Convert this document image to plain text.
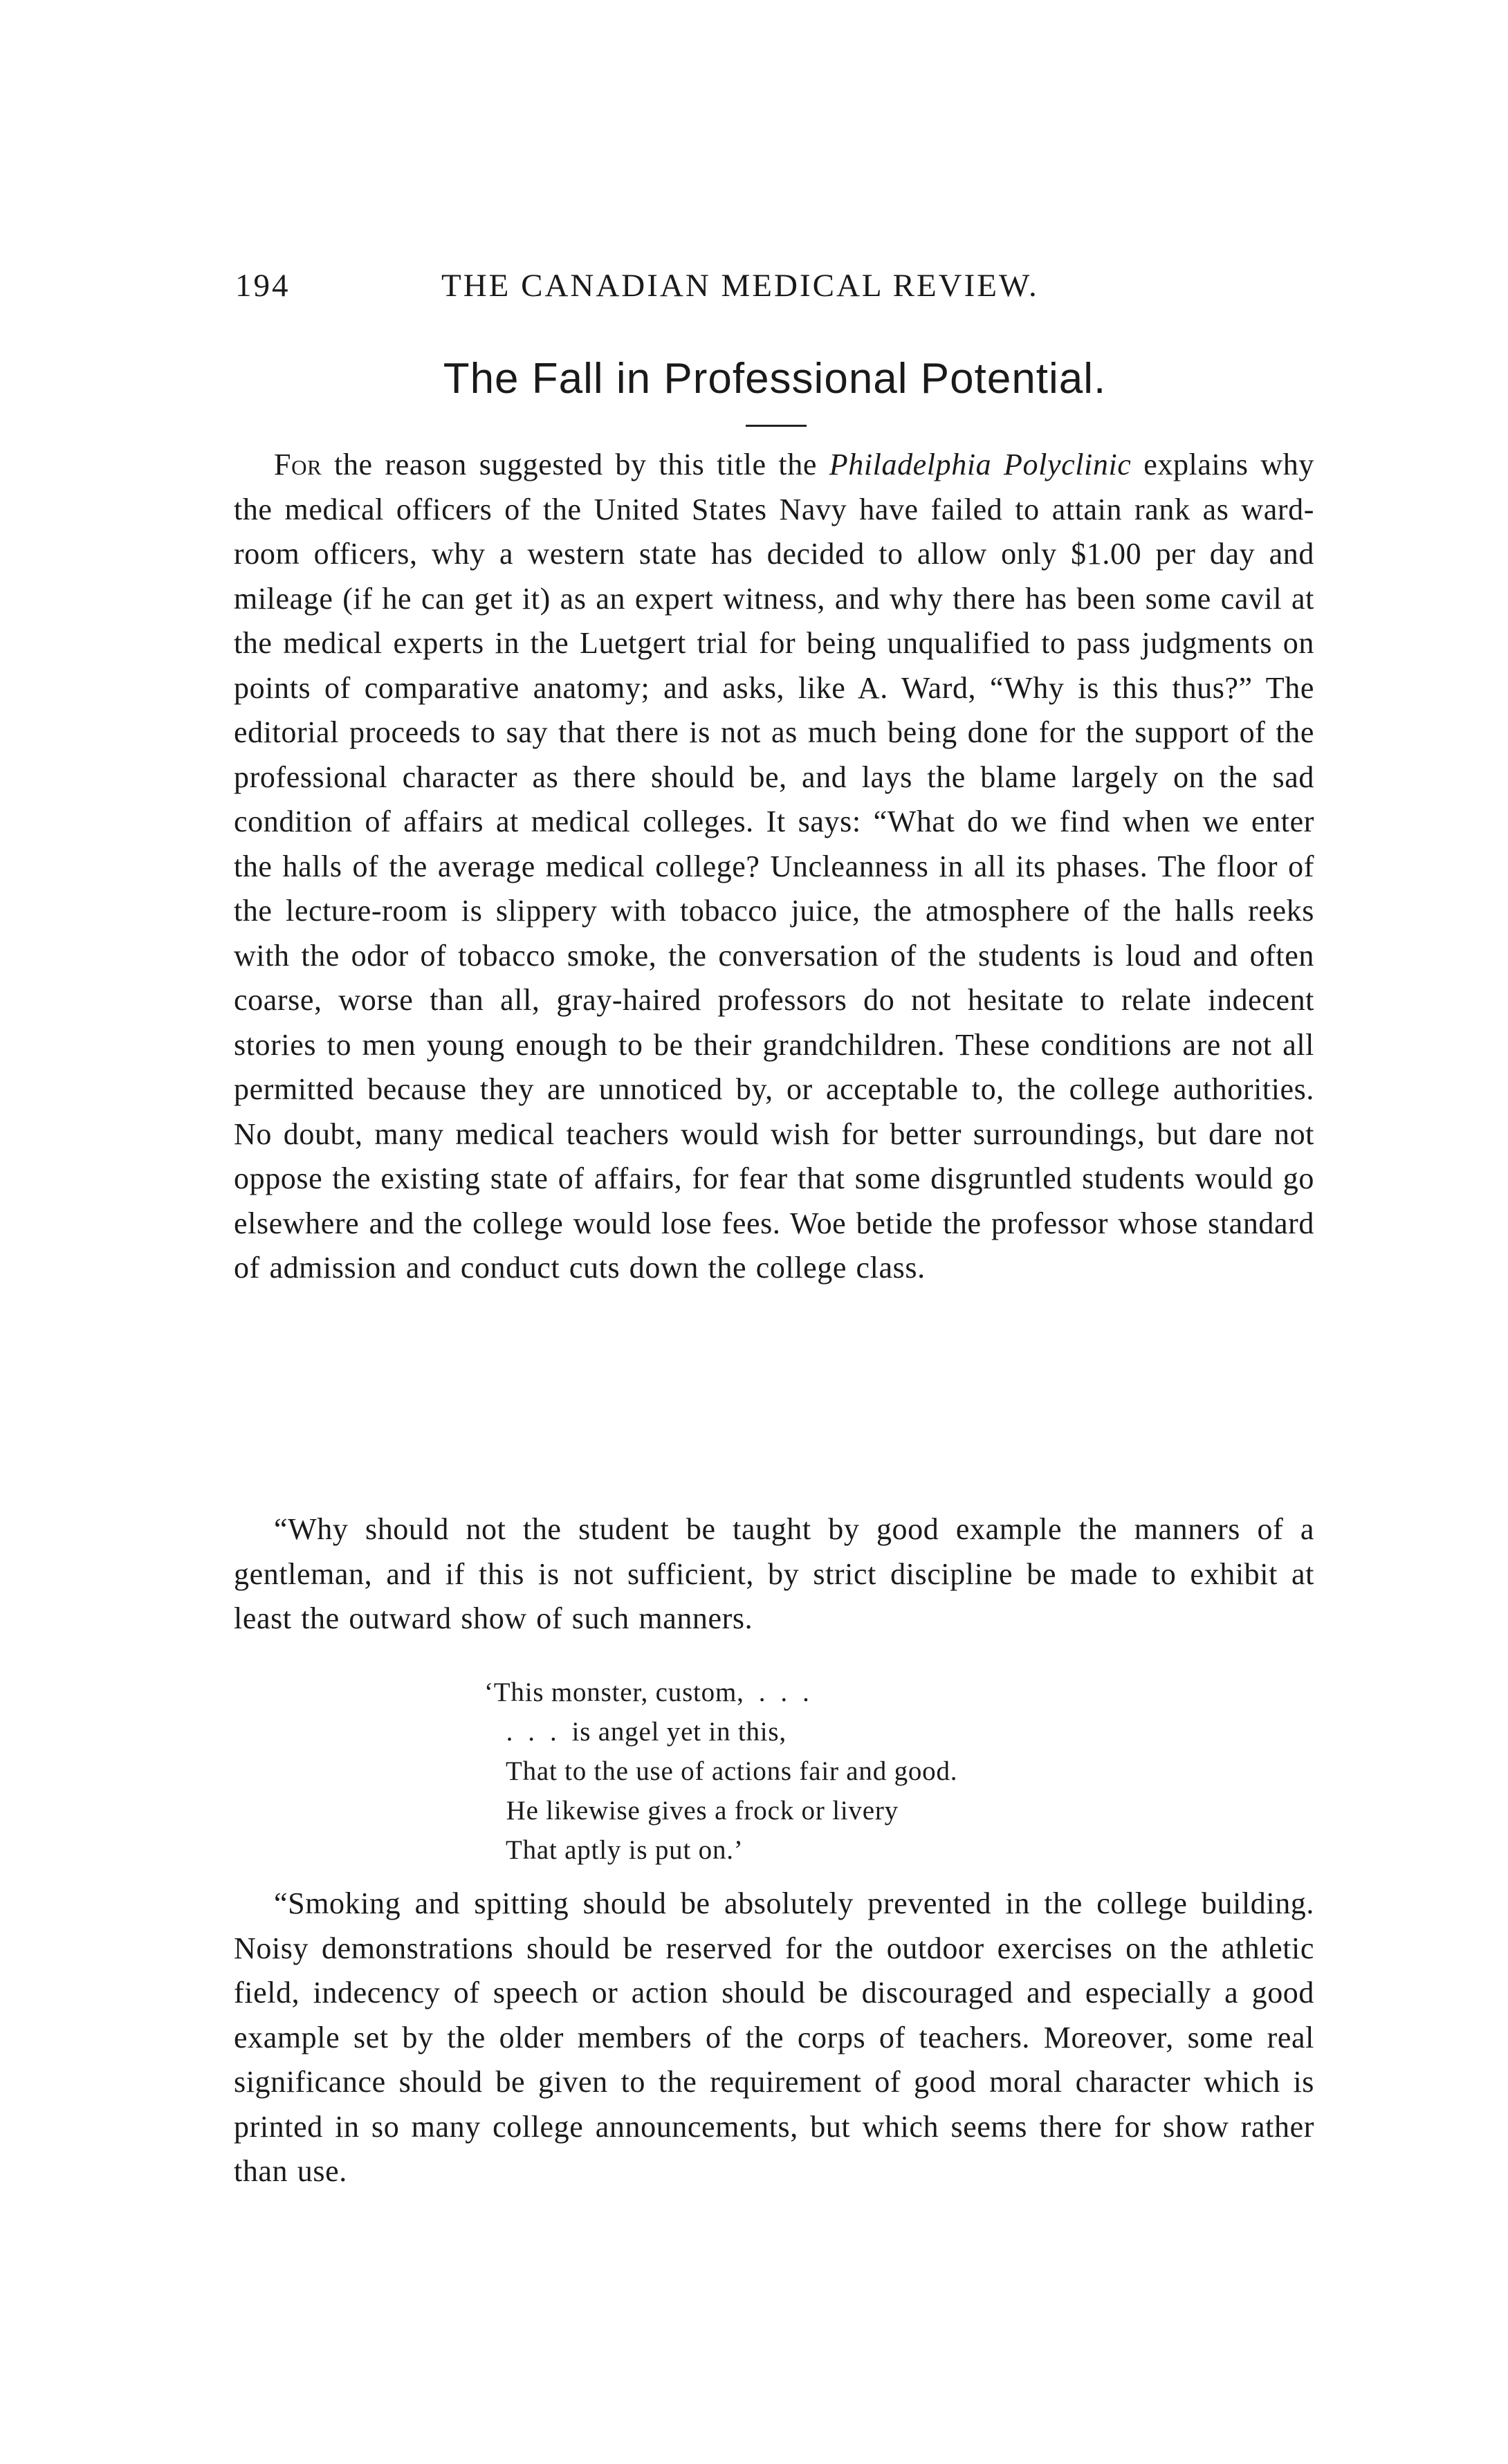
194	THE CANADIAN MEDICAL REVIEW.
The Fall in Professional Potential.

For the reason suggested by this title the Philadelphia Polyclinic explains why the medical officers of the United States Navy have failed to attain rank as ward-room officers, why a western state has decided to allow only $1.00 per day and mileage (if he can get it) as an expert witness, and why there has been some cavil at the medical experts in the Luetgert trial for being unqualified to pass judgments on points of comparative anatomy; and asks, like A. Ward, “Why is this thus?” The editorial proceeds to say that there is not as much being done for the support of the professional character as there should be, and lays the blame largely on the sad condition of affairs at medical colleges. It says: “What do we find when we enter the halls of the average medical college? Uncleanness in all its phases. The floor of the lecture-room is slippery with tobacco juice, the atmosphere of the halls reeks with the odor of tobacco smoke, the conversation of the students is loud and often coarse, worse than all, gray-haired professors do not hesitate to relate indecent stories to men young enough to be their grandchildren. These conditions are not all permitted because they are unnoticed by, or acceptable to, the college authorities. No doubt, many medical teachers would wish for better surroundings, but dare not oppose the existing state of affairs, for fear that some disgruntled students would go elsewhere and the college would lose fees. Woe betide the professor whose standard of admission and conduct cuts down the college class.

“Why should not the student be taught by good example the manners of a gentleman, and if this is not sufficient, by strict discipline be made to exhibit at least the outward show of such manners.

‘This monster, custom,  .  .  .
.  .  .  is angel yet in this,
That to the use of actions fair and good.
He likewise gives a frock or livery
That aptly is put on.’

“Smoking and spitting should be absolutely prevented in the college building. Noisy demonstrations should be reserved for the outdoor exercises on the athletic field, indecency of speech or action should be discouraged and especially a good example set by the older members of the corps of teachers. Moreover, some real significance should be given to the requirement of good moral character which is printed in so many college announcements, but which seems there for show rather than use.
